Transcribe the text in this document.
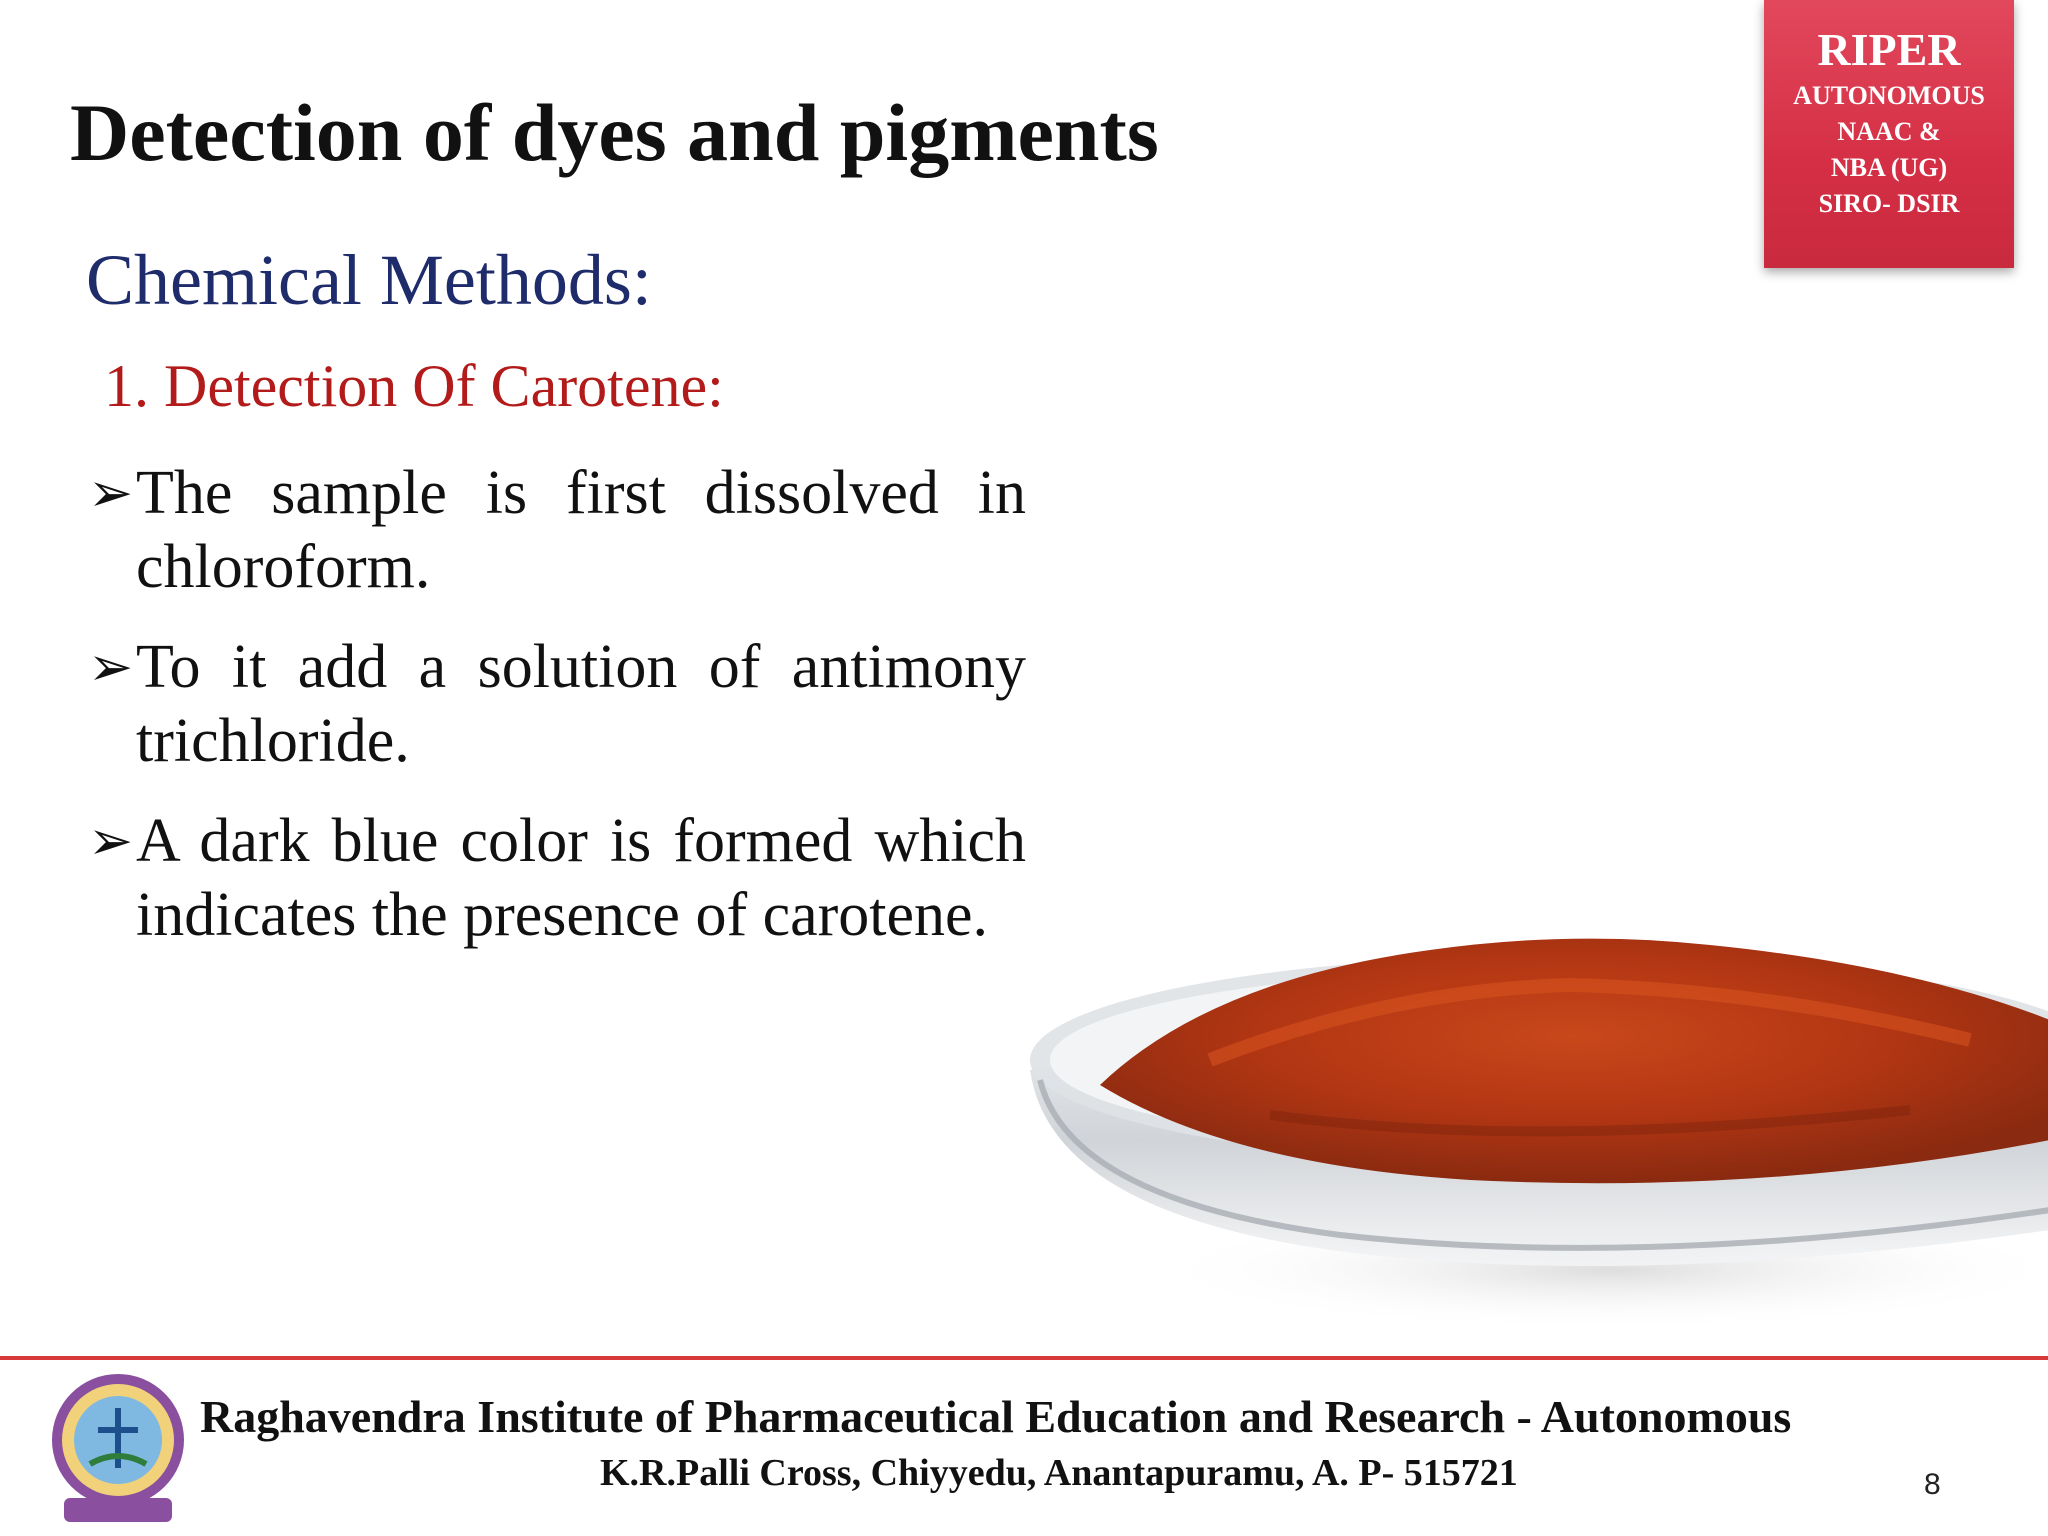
Detection of dyes and pigments
Chemical Methods:
1. Detection Of Carotene:
➢ The sample is first dissolved in chloroform.
➢ To it add a solution of antimony trichloride.
➢ A dark blue color is formed which indicates the presence of carotene.
RIPER
AUTONOMOUS
NAAC &
NBA (UG)
SIRO- DSIR
Raghavendra Institute of Pharmaceutical Education and Research - Autonomous
K.R.Palli Cross, Chiyyedu, Anantapuramu, A. P- 515721	8
